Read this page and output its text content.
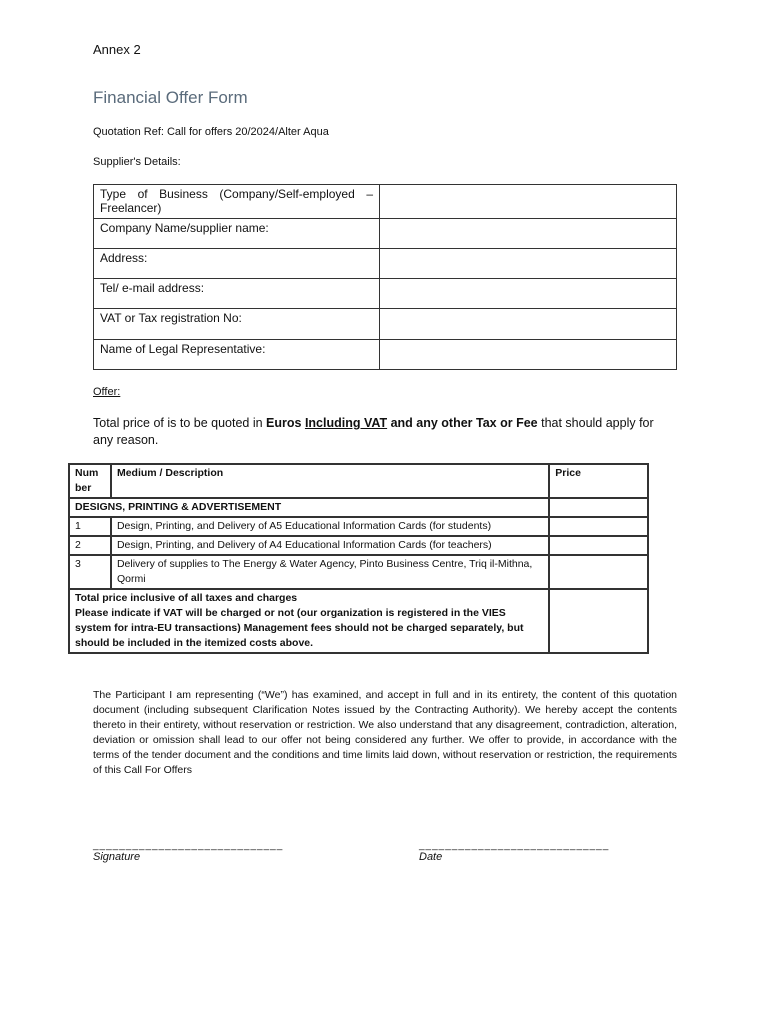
Annex 2
Financial Offer Form
Quotation Ref: Call for offers 20/2024/Alter Aqua
Supplier's Details:
Type of Business (Company/Self-employed –
Freelancer)	

Company Name/supplier name:	
Address:	
Tel/ e-mail address:	
VAT or Tax registration No:	
Name of Legal Representative:	
Offer:
Total price of is to be quoted in Euros Including VAT and any other Tax or Fee that should apply for any reason.
Num ber	Medium / Description	Price
DESIGNS, PRINTING & ADVERTISEMENT		
1	Design, Printing, and Delivery of A5 Educational Information Cards (for students)	
2	Design, Printing, and Delivery of A4 Educational Information Cards (for teachers)	
3	Delivery of supplies to The Energy & Water Agency, Pinto Business Centre, Triq il-Mithna, Qormi	

Total price inclusive of all taxes and charges
Please indicate if VAT will be charged or not (our organization is registered in the VIES system for intra-EU transactions) Management fees should not be charged separately, but should be included in the itemized costs above.		

The Participant I am representing (“We”) has examined, and accept in full and in its entirety, the content of this quotation document (including subsequent Clarification Notes issued by the Contracting Authority). We hereby accept the contents thereto in their entirety, without reservation or restriction. We also understand that any disagreement, contradiction, alteration, deviation or omission shall lead to our offer not being considered any further. We offer to provide, in accordance with the terms of the tender document and the conditions and time limits laid down, without reservation or restriction, the requirements of this Call For Offers
_____________________________	_____________________________
Signature	Date
